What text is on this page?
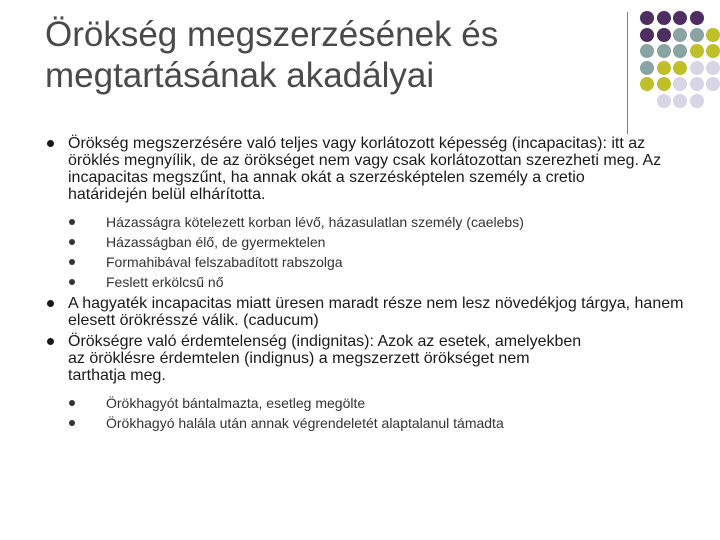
Örökség megszerzésének és
megtartásának akadályai
Örökség megszerzésére való teljes vagy korlátozott képesség (incapacitas): itt az öröklés megnyílik, de az örökséget nem vagy csak korlátozottan szerezheti meg. Az incapacitas megszűnt, ha annak okát a szerzésképtelen személy a cretio határidején belül elhárította.
Házasságra kötelezett korban lévő, házasulatlan személy (caelebs)
Házasságban élő, de gyermektelen
Formahibával felszabadított rabszolga
Feslett erkölcsű nő
A hagyaték incapacitas miatt üresen maradt része nem lesz növedékjog tárgya, hanem elesett örökrésszé válik. (caducum)
Örökségre való érdemtelenség (indignitas): Azok az esetek, amelyekben az öröklésre érdemtelen (indignus) a megszerzett örökséget nem tarthatja meg.
Örökhagyót bántalmazta, esetleg megölte
Örökhagyó halála után annak végrendeletét alaptalanul támadta
